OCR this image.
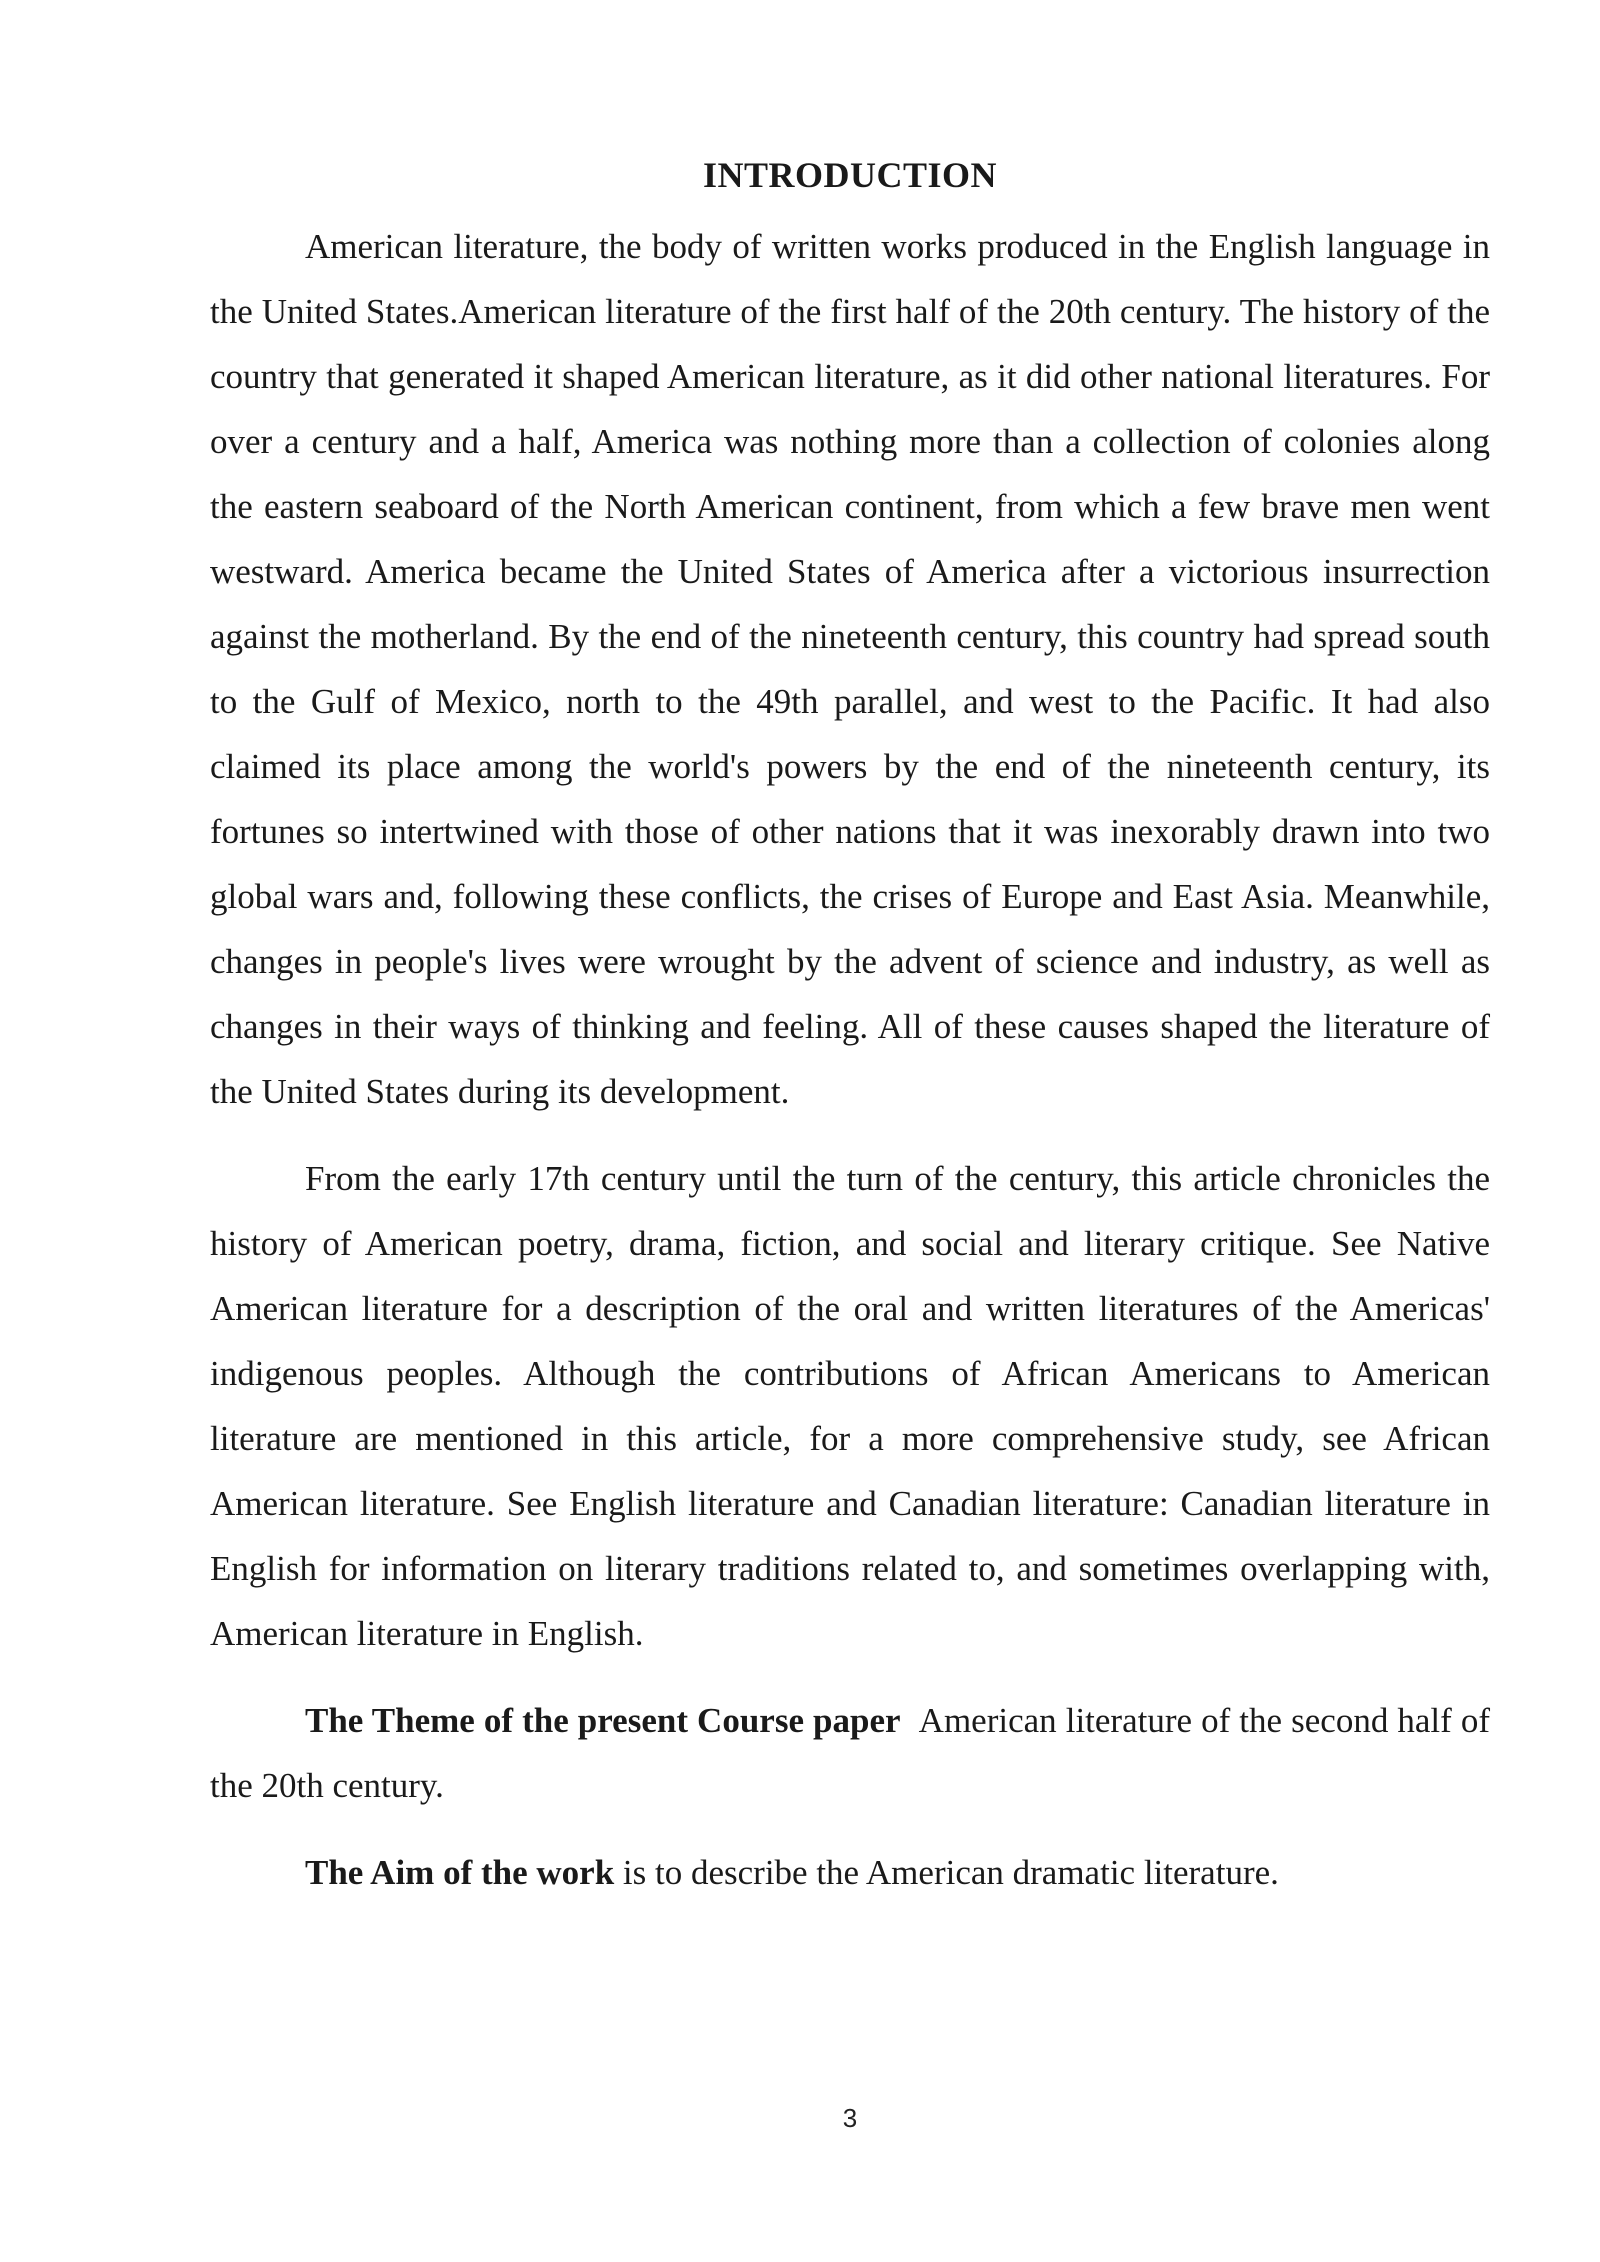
INTRODUCTION

American literature, the body of written works produced in the English language in the United States.American literature of the first half of the 20th century. The history of the country that generated it shaped American literature, as it did other national literatures. For over a century and a half, America was nothing more than a collection of colonies along the eastern seaboard of the North American continent, from which a few brave men went westward. America became the United States of America after a victorious insurrection against the motherland. By the end of the nineteenth century, this country had spread south to the Gulf of Mexico, north to the 49th parallel, and west to the Pacific. It had also claimed its place among the world's powers by the end of the nineteenth century, its fortunes so intertwined with those of other nations that it was inexorably drawn into two global wars and, following these conflicts, the crises of Europe and East Asia. Meanwhile, changes in people's lives were wrought by the advent of science and industry, as well as changes in their ways of thinking and feeling. All of these causes shaped the literature of the United States during its development.

From the early 17th century until the turn of the century, this article chronicles the history of American poetry, drama, fiction, and social and literary critique. See Native American literature for a description of the oral and written literatures of the Americas' indigenous peoples. Although the contributions of African Americans to American literature are mentioned in this article, for a more comprehensive study, see African American literature. See English literature and Canadian literature: Canadian literature in English for information on literary traditions related to, and sometimes overlapping with, American literature in English.

The Theme of the present Course paper American literature of the second half of the 20th century.

The Aim of the work is to describe the American dramatic literature.

3
